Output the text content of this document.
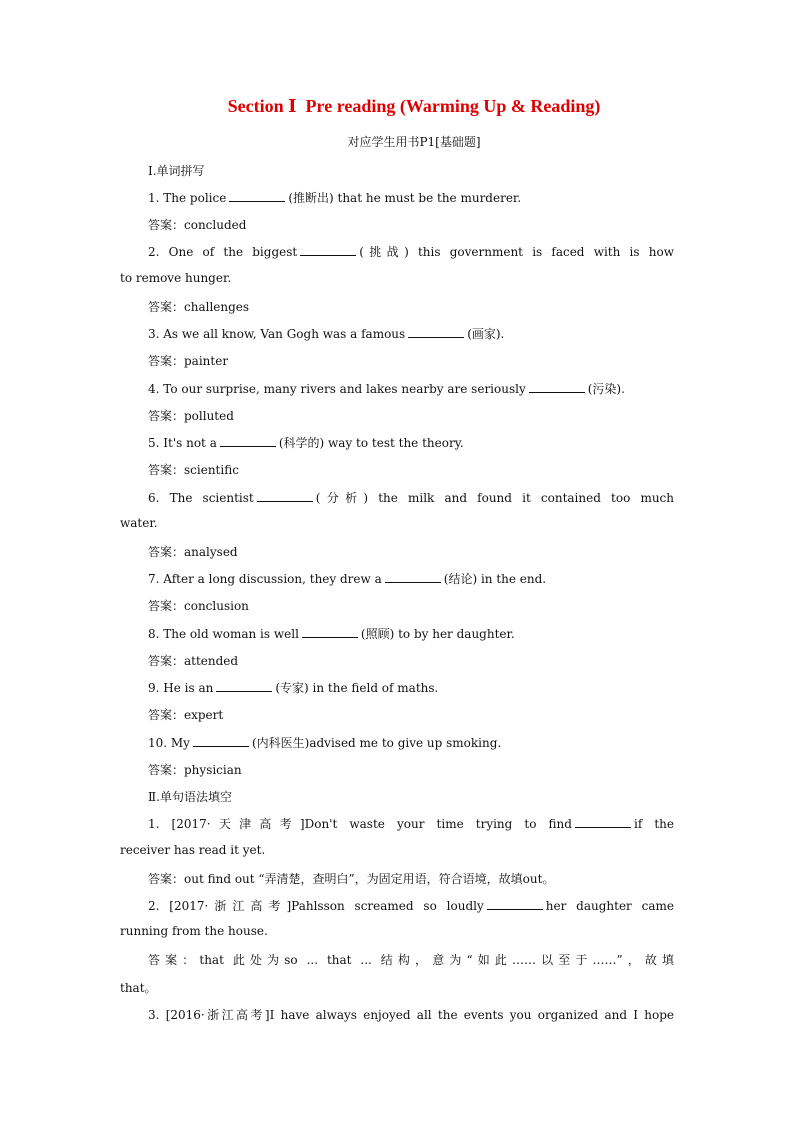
Section Ⅰ  Pre reading (Warming Up & Reading)
对应学生用书P1[基础题]
Ⅰ.单词拼写
1. The police	(推断出) that he must be the murderer.
答案：concluded
2. One of the biggest	(挑战) this government is faced with is how
to remove hunger.
答案：challenges
3. As we all know, Van Gogh was a famous	(画家).
答案：painter
4. To our surprise, many rivers and lakes nearby are seriously	(污染).
答案：polluted
5. It's not a	(科学的) way to test the theory.
答案：scientific
6. The scientist	(分析) the milk and found it contained too much
water.
答案：analysed
7. After a long discussion, they drew a	(结论) in the end.
答案：conclusion
8. The old woman is well	(照顾) to by her daughter.
答案：attended
9. He is an	(专家) in the field of maths.
答案：expert
10. My	(内科医生)advised me to give up smoking.
答案：physician
Ⅱ.单句语法填空
1. [2017·天津高考]Don't waste your time trying to find	if the
receiver has read it yet.
答案：out find out “弄清楚，查明白”，为固定用语，符合语境，故填out。
2. [2017·浙江高考]Pahlsson screamed so loudly	her daughter came
running from the house.
答案：that 此处为so ... that ... 结构，意为“如此……以至于……”，故填
that。
3. [2016·浙江高考]I have always enjoyed all the events you organized and I hope
